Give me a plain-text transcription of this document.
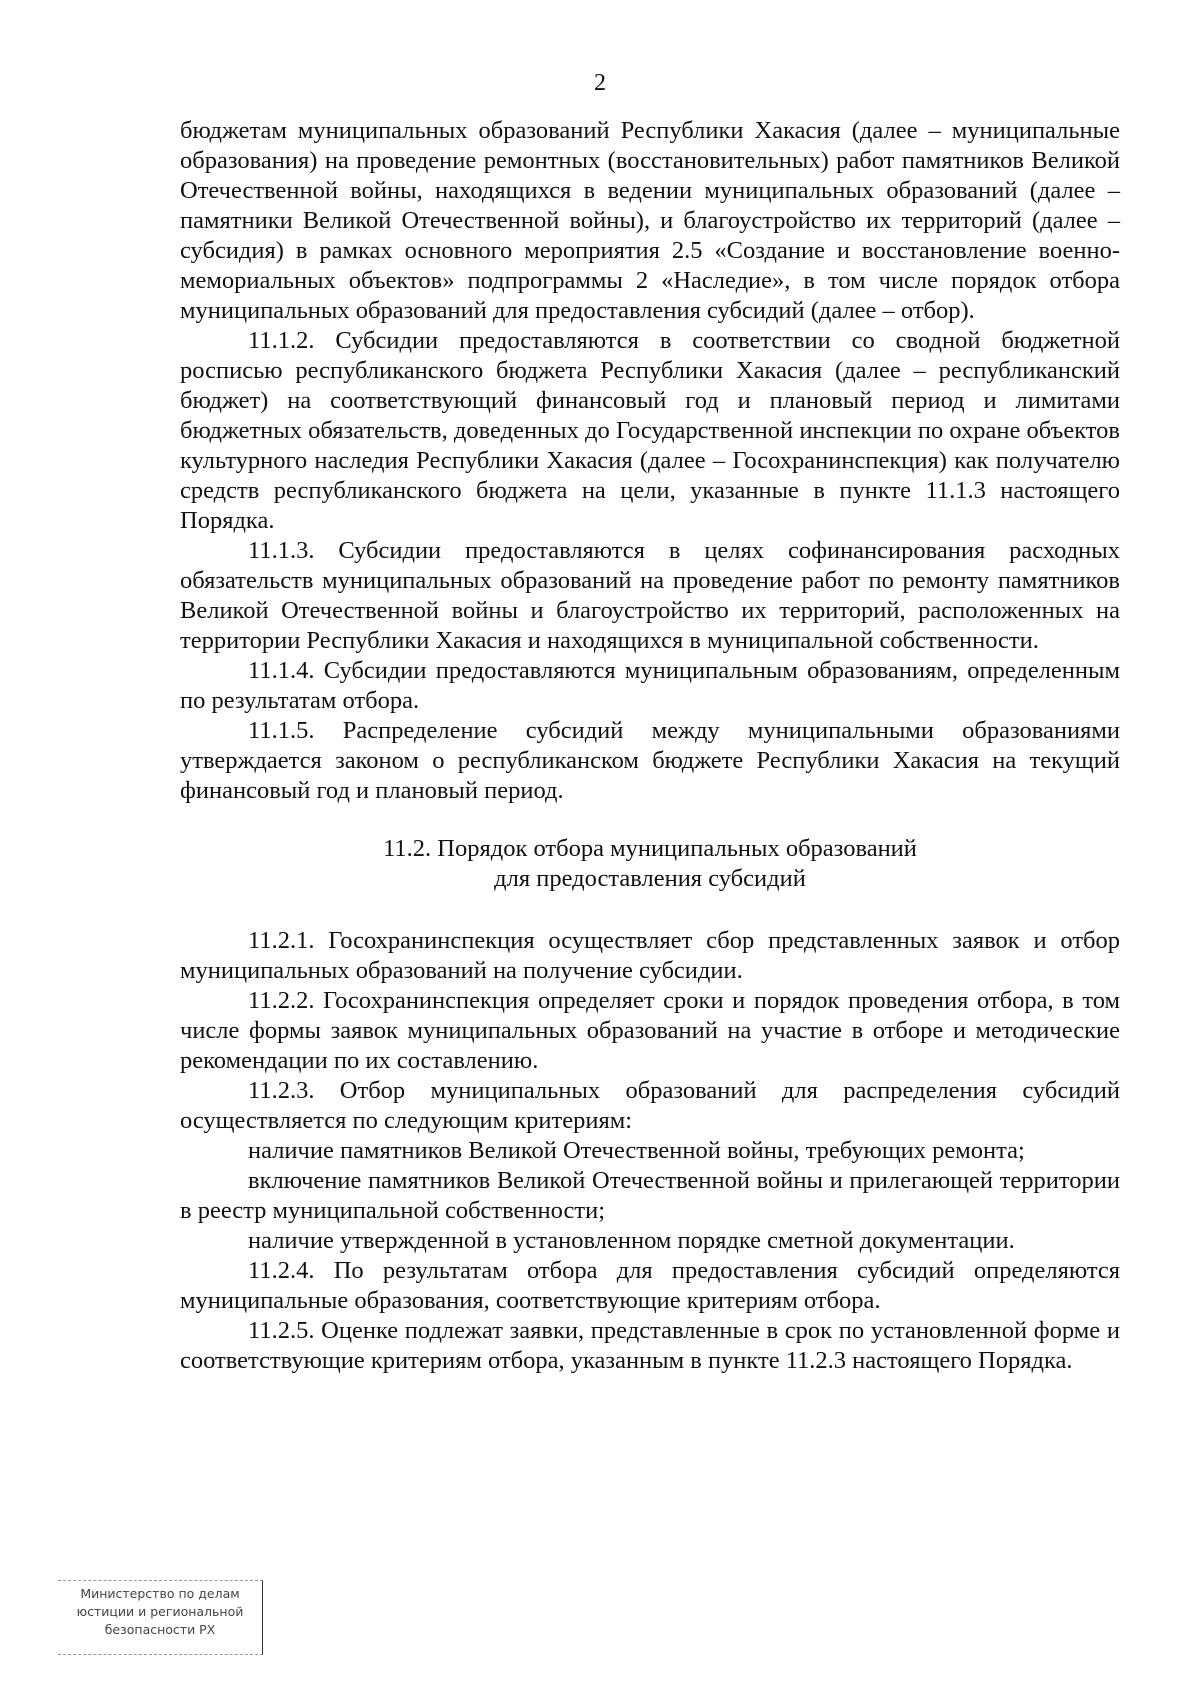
2

бюджетам муниципальных образований Республики Хакасия (далее – муниципальные образования) на проведение ремонтных (восстановительных) работ памятников Великой Отечественной войны, находящихся в ведении муниципальных образований (далее – памятники Великой Отечественной войны), и благоустройство их территорий (далее – субсидия) в рамках основного мероприятия 2.5 «Создание и восстановление военно-мемориальных объектов» подпрограммы 2 «Наследие», в том числе порядок отбора муниципальных образований для предоставления субсидий (далее – отбор).

11.1.2. Субсидии предоставляются в соответствии со сводной бюджетной росписью республиканского бюджета Республики Хакасия (далее – республиканский бюджет) на соответствующий финансовый год и плановый период и лимитами бюджетных обязательств, доведенных до Государственной инспекции по охране объектов культурного наследия Республики Хакасия (далее – Госохранинспекция) как получателю средств республиканского бюджета на цели, указанные в пункте 11.1.3 настоящего Порядка.

11.1.3. Субсидии предоставляются в целях софинансирования расходных обязательств муниципальных образований на проведение работ по ремонту памятников Великой Отечественной войны и благоустройство их территорий, расположенных на территории Республики Хакасия и находящихся в муниципальной собственности.

11.1.4. Субсидии предоставляются муниципальным образованиям, определенным по результатам отбора.

11.1.5. Распределение субсидий между муниципальными образованиями утверждается законом о республиканском бюджете Республики Хакасия на текущий финансовый год и плановый период.

11.2. Порядок отбора муниципальных образований
для предоставления субсидий

11.2.1. Госохранинспекция осуществляет сбор представленных заявок и отбор муниципальных образований на получение субсидии.

11.2.2. Госохранинспекция определяет сроки и порядок проведения отбора, в том числе формы заявок муниципальных образований на участие в отборе и методические рекомендации по их составлению.

11.2.3. Отбор муниципальных образований для распределения субсидий осуществляется по следующим критериям:

наличие памятников Великой Отечественной войны, требующих ремонта;

включение памятников Великой Отечественной войны и прилегающей территории в реестр муниципальной собственности;

наличие утвержденной в установленном порядке сметной документации.

11.2.4. По результатам отбора для предоставления субсидий определяются муниципальные образования, соответствующие критериям отбора.

11.2.5. Оценке подлежат заявки, представленные в срок по установленной форме и соответствующие критериям отбора, указанным в пункте 11.2.3 настоящего Порядка.

Министерство по делам
юстиции и региональной
безопасности РХ
